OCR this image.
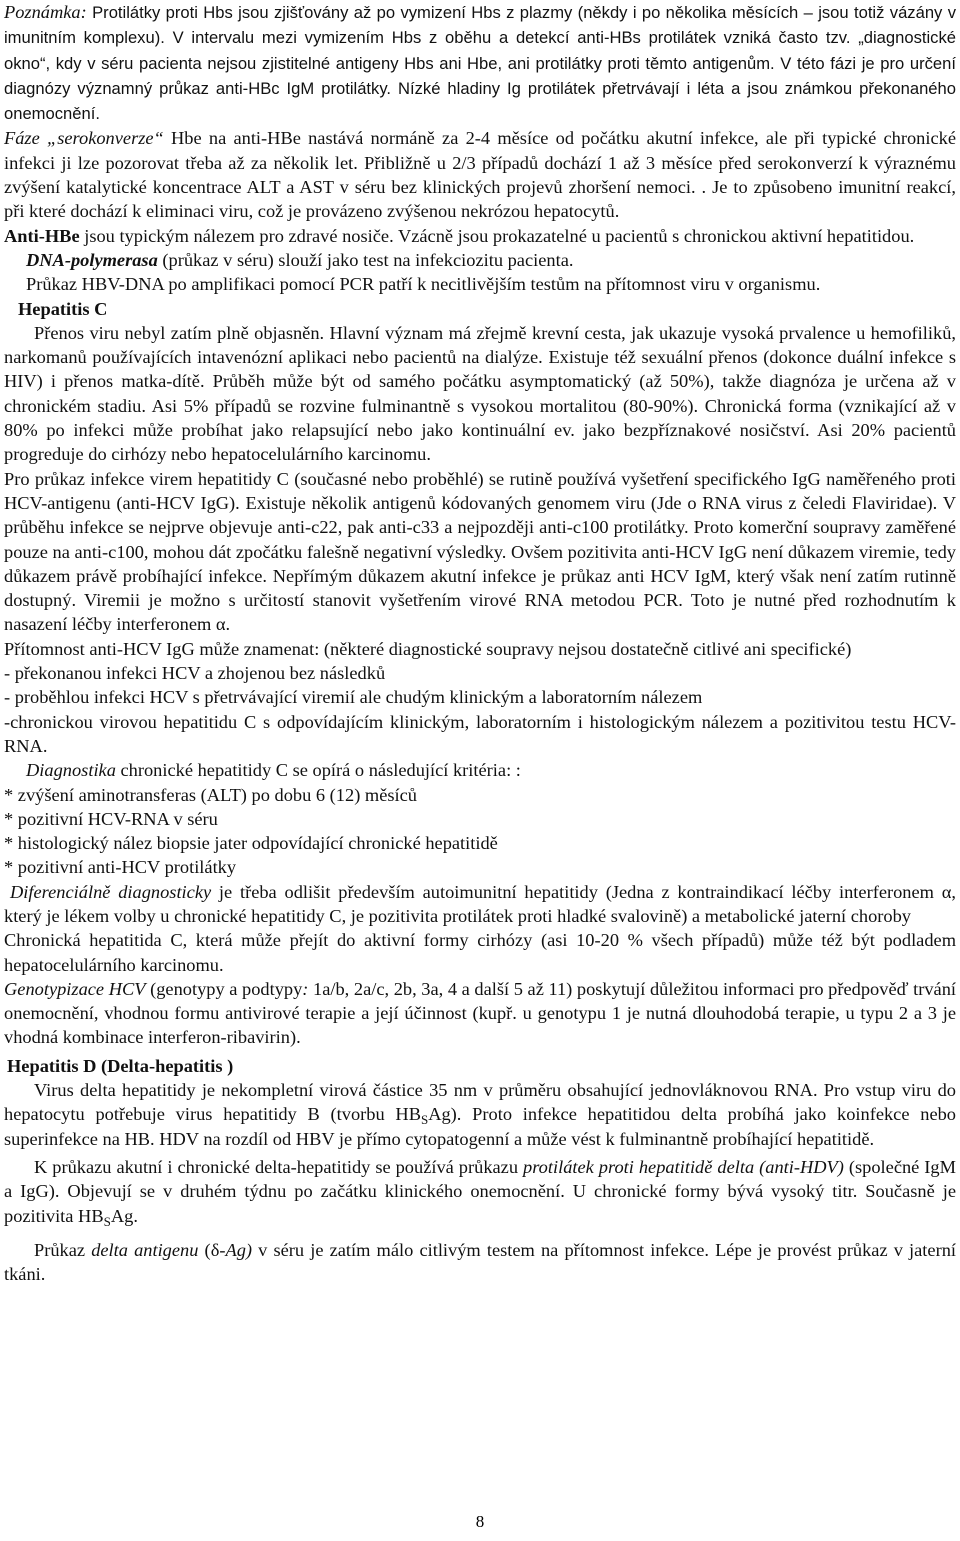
Poznámka: Protilátky proti Hbs jsou zjišťovány až po vymizení Hbs z plazmy (někdy i po několika měsících – jsou totiž vázány v imunitním komplexu). V intervalu mezi vymizením Hbs z oběhu a detekcí anti-HBs protilátek vzniká často tzv. „diagnostické okno“, kdy v séru pacienta nejsou zjistitelné antigeny Hbs ani Hbe, ani protilátky proti těmto antigenům. V této fázi je pro určení diagnózy významný průkaz anti-HBc IgM protilátky. Nízké hladiny Ig protilátek přetrvávají i léta a jsou známkou překonaného onemocnění.

Fáze „serokonverze“ Hbe na anti-HBe nastává normáně za 2-4 měsíce od počátku akutní infekce, ale při typické chronické infekci ji lze pozorovat třeba až za několik let. Přibližně u 2/3 případů dochází 1 až 3 měsíce před serokonverzí k výraznému zvýšení katalytické koncentrace ALT a AST v séru bez klinických projevů zhoršení nemoci. . Je to způsobeno imunitní reakcí, při které dochází k eliminaci viru, což je provázeno zvýšenou nekrózou hepatocytů.

Anti-HBe jsou typickým nálezem pro zdravé nosiče. Vzácně jsou prokazatelné u pacientů s chronickou aktivní hepatitidou.

DNA-polymerasa (průkaz v séru) slouží jako test na infekciozitu pacienta.

Průkaz HBV-DNA po amplifikaci pomocí PCR patří k necitlivějším testům na přítomnost viru v organismu.

Hepatitis C

Přenos viru nebyl zatím plně objasněn. Hlavní význam má zřejmě krevní cesta, jak ukazuje vysoká prvalence u hemofiliků, narkomanů používajících intavenózní aplikaci nebo pacientů na dialýze. Existuje též sexuální přenos (dokonce duální infekce s HIV) i přenos matka-dítě. Průběh může být od samého počátku asymptomatický (až 50%), takže diagnóza je určena až v chronickém stadiu. Asi 5% případů se rozvine fulminantně s vysokou mortalitou (80-90%). Chronická forma (vznikající až v 80% po infekci může probíhat jako relapsující nebo jako kontinuální ev. jako bezpříznakové nosičství. Asi 20% pacientů progreduje do cirhózy nebo hepatocelulárního karcinomu.

Pro průkaz infekce virem hepatitidy C (současné nebo proběhlé) se rutině používá vyšetření specifického IgG naměřeného proti HCV-antigenu (anti-HCV IgG). Existuje několik antigenů kódovaných genomem viru (Jde o RNA virus z čeledi Flaviridae). V průběhu infekce se nejprve objevuje anti-c22, pak anti-c33 a nejpozději anti-c100 protilátky. Proto komerční soupravy zaměřené pouze na anti-c100, mohou dát zpočátku falešně negativní výsledky. Ovšem pozitivita anti-HCV IgG není důkazem viremie, tedy důkazem právě probíhající infekce. Nepřímým důkazem akutní infekce je průkaz anti HCV IgM, který však není zatím rutinně dostupný. Viremii je možno s určitostí stanovit vyšetřením virové RNA metodou PCR. Toto je nutné před rozhodnutím k nasazení léčby interferonem α.

Přítomnost anti-HCV IgG může znamenat: (některé diagnostické soupravy nejsou dostatečně citlivé ani specifické)

- překonanou infekci HCV a zhojenou bez následků

- proběhlou infekci HCV s přetrvávající viremií ale chudým klinickým a laboratorním nálezem

-chronickou virovou hepatitidu C s odpovídajícím klinickým, laboratorním i histologickým nálezem a pozitivitou testu HCV-RNA.

Diagnostika chronické hepatitidy C se opírá o následující kritéria: :

* zvýšení aminotransferas (ALT) po dobu 6 (12) měsíců

* pozitivní HCV-RNA v séru

* histologický nález biopsie jater odpovídající chronické hepatitidě

* pozitivní anti-HCV protilátky

Diferenciálně diagnosticky je třeba odlišit především autoimunitní hepatitidy (Jedna z kontraindikací léčby interferonem α, který je lékem volby u chronické hepatitidy C, je pozitivita protilátek proti hladké svalovině) a metabolické jaterní choroby

Chronická hepatitida C, která může přejít do aktivní formy cirhózy (asi 10-20 % všech případů) může též být podladem hepatocelulárního karcinomu.

Genotypizace HCV (genotypy a podtypy: 1a/b, 2a/c, 2b, 3a, 4 a další 5 až 11) poskytují důležitou informaci pro předpověď trvání onemocnění, vhodnou formu antivirové terapie a její účinnost (kupř. u genotypu 1 je nutná dlouhodobá terapie, u typu 2 a 3 je vhodná kombinace interferon-ribavirin).

Hepatitis D (Delta-hepatitis )

Virus delta hepatitidy je nekompletní virová částice 35 nm v průměru obsahující jednovláknovou RNA. Pro vstup viru do hepatocytu potřebuje virus hepatitidy B (tvorbu $HB_SAg$). Proto infekce hepatitidou delta probíhá jako koinfekce nebo superinfekce na HB. HDV na rozdíl od HBV je přímo cytopatogenní a může vést k fulminantně probíhající hepatitidě.

K průkazu akutní i chronické delta-hepatitidy se používá průkazu protilátek proti hepatitidě delta (anti-HDV) (společné IgM a IgG). Objevují se v druhém týdnu po začátku klinického onemocnění. U chronické formy bývá vysoký titr. Současně je pozitivita $HB_SAg$.

Průkaz delta antigenu (δ-Ag) v séru je zatím málo citlivým testem na přítomnost infekce. Lépe je provést průkaz v jaterní tkáni.

8
